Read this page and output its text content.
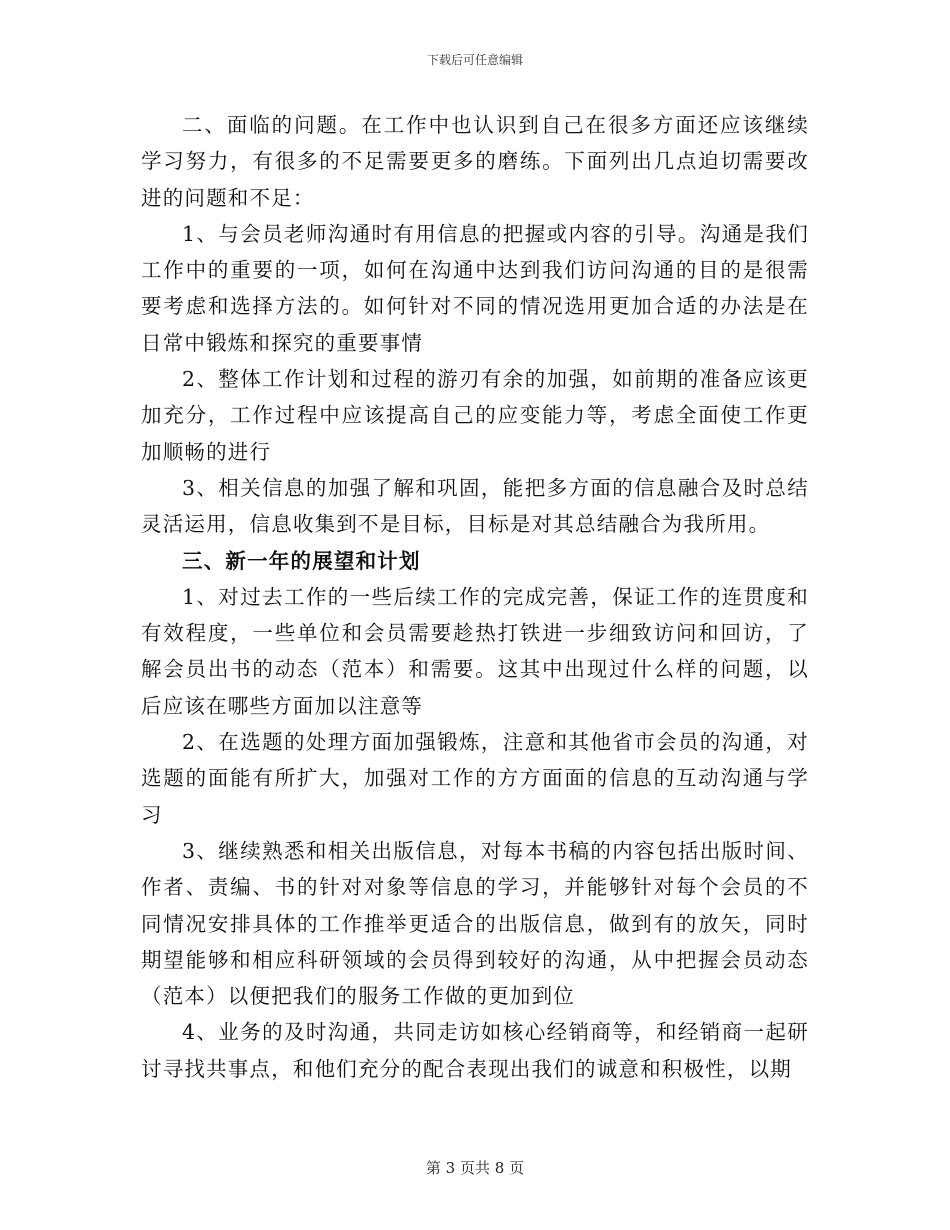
下载后可任意编辑

二、面临的问题。在工作中也认识到自己在很多方面还应该继续学习努力，有很多的不足需要更多的磨练。下面列出几点迫切需要改进的问题和不足：

1、与会员老师沟通时有用信息的把握或内容的引导。沟通是我们工作中的重要的一项，如何在沟通中达到我们访问沟通的目的是很需要考虑和选择方法的。如何针对不同的情况选用更加合适的办法是在日常中锻炼和探究的重要事情

2、整体工作计划和过程的游刃有余的加强，如前期的准备应该更加充分，工作过程中应该提高自己的应变能力等，考虑全面使工作更加顺畅的进行

3、相关信息的加强了解和巩固，能把多方面的信息融合及时总结灵活运用，信息收集到不是目标，目标是对其总结融合为我所用。

三、新一年的展望和计划

1、对过去工作的一些后续工作的完成完善，保证工作的连贯度和有效程度，一些单位和会员需要趁热打铁进一步细致访问和回访，了解会员出书的动态（范本）和需要。这其中出现过什么样的问题，以后应该在哪些方面加以注意等

2、在选题的处理方面加强锻炼，注意和其他省市会员的沟通，对选题的面能有所扩大，加强对工作的方方面面的信息的互动沟通与学习

3、继续熟悉和相关出版信息，对每本书稿的内容包括出版时间、作者、责编、书的针对对象等信息的学习，并能够针对每个会员的不同情况安排具体的工作推举更适合的出版信息，做到有的放矢，同时期望能够和相应科研领域的会员得到较好的沟通，从中把握会员动态（范本）以便把我们的服务工作做的更加到位

4、业务的及时沟通，共同走访如核心经销商等，和经销商一起研讨寻找共事点，和他们充分的配合表现出我们的诚意和积极性，以期

第 3 页共 8 页
